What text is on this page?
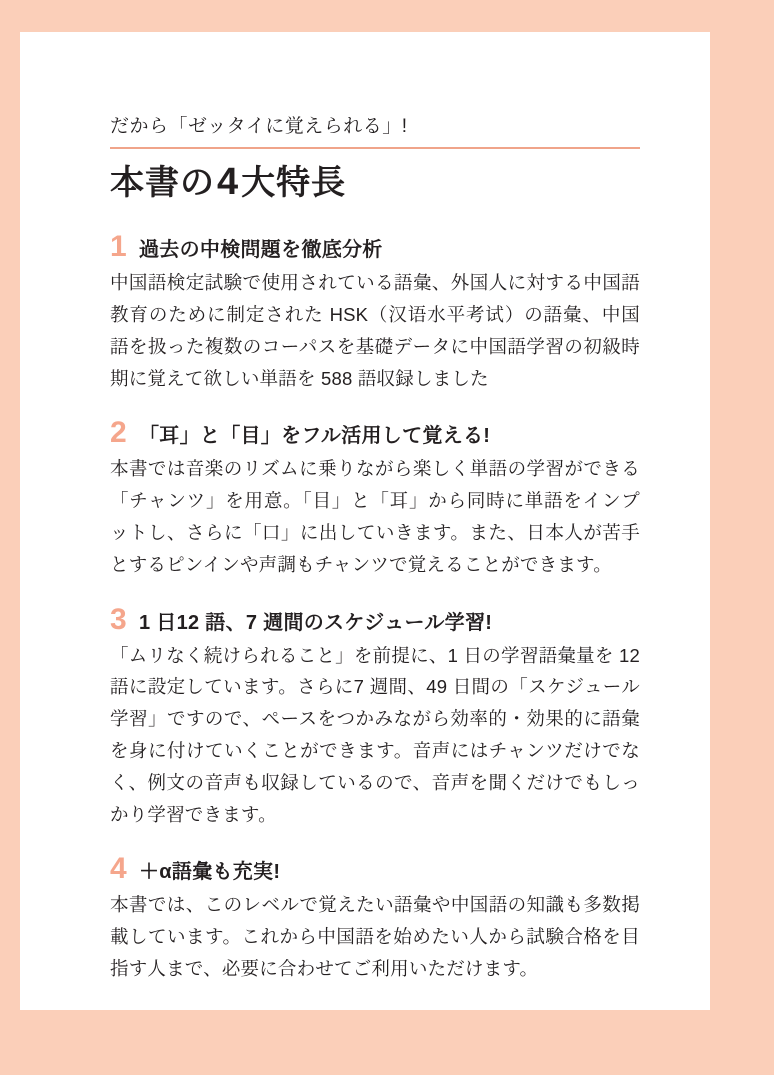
だから「ゼッタイに覚えられる」!

本書の4大特長
1 過去の中検問題を徹底分析

中国語検定試験で使用されている語彙、外国人に対する中国語教育のために制定された HSK（汉语水平考试）の語彙、中国語を扱った複数のコーパスを基礎データに中国語学習の初級時期に覚えて欲しい単語を 588 語収録しました

2 「耳」と「目」をフル活用して覚える!

本書では音楽のリズムに乗りながら楽しく単語の学習ができる「チャンツ」を用意。「目」と「耳」から同時に単語をインプットし、さらに「口」に出していきます。また、日本人が苦手とするピンインや声調もチャンツで覚えることができます。

3 1 日12 語、7 週間のスケジュール学習!

「ムリなく続けられること」を前提に、1 日の学習語彙量を 12 語に設定しています。さらに7 週間、49 日間の「スケジュール学習」ですので、ペースをつかみながら効率的・効果的に語彙を身に付けていくことができます。音声にはチャンツだけでなく、例文の音声も収録しているので、音声を聞くだけでもしっかり学習できます。

4 ＋α語彙も充実!

本書では、このレベルで覚えたい語彙や中国語の知識も多数掲載しています。これから中国語を始めたい人から試験合格を目指す人まで、必要に合わせてご利用いただけます。
